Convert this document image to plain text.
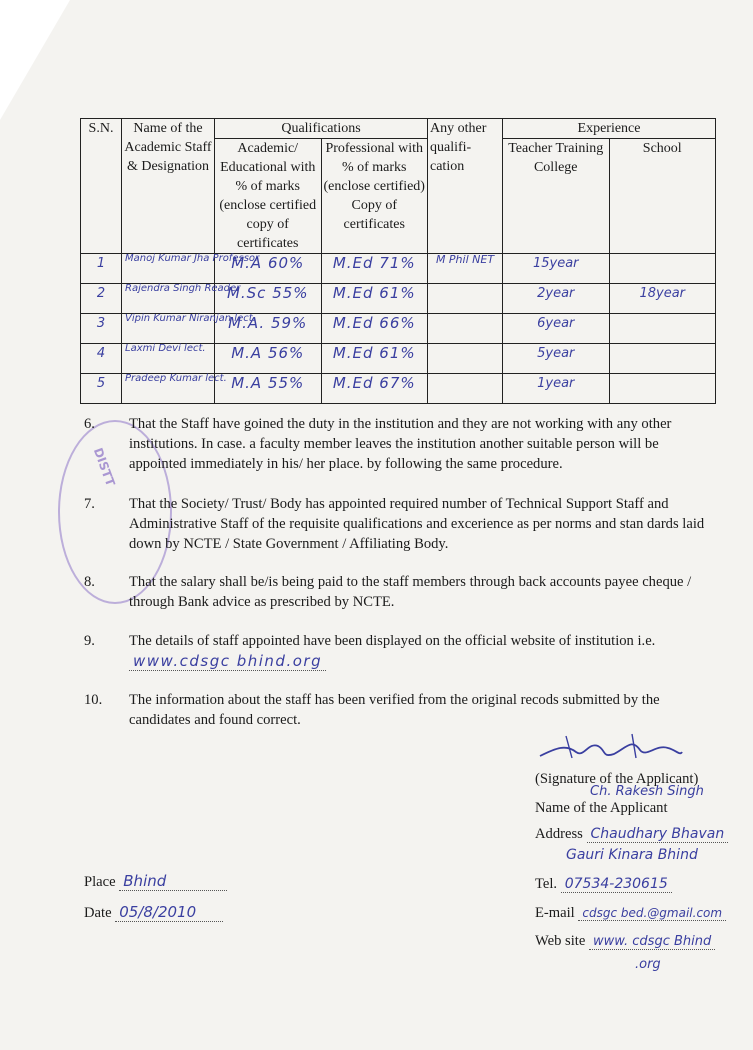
S.N.	Name of the Academic Staff & Designation	Qualifications		Any other qualifi- cation	Experience	
		Academic/ Educational with % of marks (enclose certified copy of certificates	Professional with % of marks (enclose certified) Copy of certificates		Teacher Training College	School
1	Manoj Kumar Jha Professor	M.A 60%	M.Ed 71%	M Phil NET	15year	
2	Rajendra Singh Reader	M.Sc 55%	M.Ed 61%		2year	18year
3	Vipin Kumar Niranjan lect.	M.A. 59%	M.Ed 66%		6year	
4	Laxmi Devi lect.	M.A 56%	M.Ed 61%		5year	
5	Pradeep Kumar lect.	M.A 55%	M.Ed 67%		1year	
DISTT
6.	That the Staff have goined the duty in the institution and they are not working with any other institutions. In case. a faculty member leaves the institution another suitable person will be appointed immediately in his/ her place. by following the same procedure.
7.	That the Society/ Trust/ Body has appointed required number of Technical Support Staff and Administrative Staff of the requisite qualifications and excerience as per norms and stan dards laid down by NCTE / State Government / Affiliating Body.
8.	That the salary shall be/is being paid to the staff members through back accounts payee cheque / through Bank advice as prescribed by NCTE.
9.	The details of staff appointed have been displayed on the official website of institution i.e.
www.cdsgc bhind.org
10.	The information about the staff has been verified from the original recods submitted by the candidates and found correct.
(Signature of the Applicant)
Ch. Rakesh Singh
Name of the Applicant
Address Chaudhary Bhavan
Gauri Kinara Bhind
Tel. 07534-230615
E-mail cdsgc bed.@gmail.com
Web site www. cdsgc Bhind
.org
Place Bhind
Date 05/8/2010
